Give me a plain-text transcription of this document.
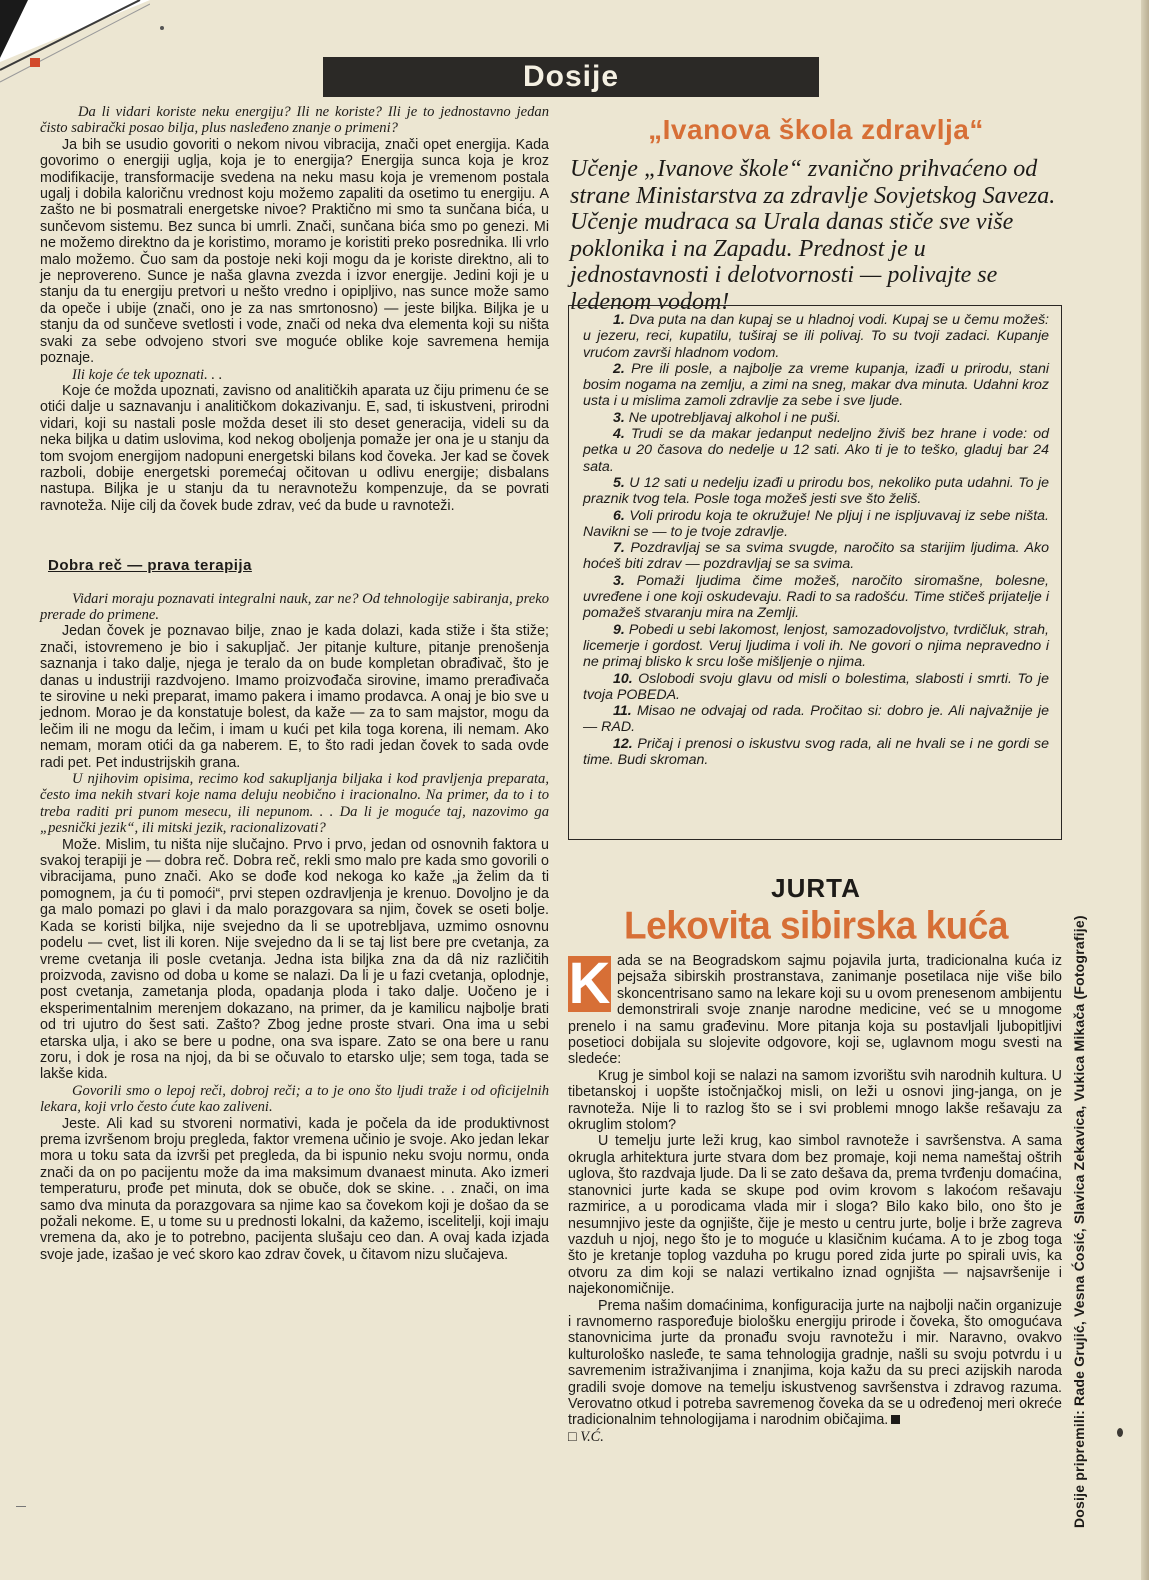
Dosije

Da li vidari koriste neku energiju? Ili ne koriste? Ili je to jednostavno jedan čisto sabirački posao bilja, plus nasleđeno znanje o primeni?

Ja bih se usudio govoriti o nekom nivou vibracija, znači opet energija. Kada govorimo o energiji uglja, koja je to energija? Energija sunca koja je kroz modifikacije, transformacije svedena na neku masu koja je vremenom postala ugalj i dobila kaloričnu vrednost koju možemo zapaliti da osetimo tu energiju. A zašto ne bi posmatrali energetske nivoe? Praktično mi smo ta sunčana bića, u sunčevom sistemu. Bez sunca bi umrli. Znači, sunčana bića smo po genezi. Mi ne možemo direktno da je koristimo, moramo je koristiti preko posrednika. Ili vrlo malo možemo. Čuo sam da postoje neki koji mogu da je koriste direktno, ali to je neprovereno. Sunce je naša glavna zvezda i izvor energije. Jedini koji je u stanju da tu energiju pretvori u nešto vredno i opipljivo, nas sunce može samo da opeče i ubije (znači, ono je za nas smrtonosno) — jeste biljka. Biljka je u stanju da od sunčeve svetlosti i vode, znači od neka dva elementa koji su ništa svaki za sebe odvojeno stvori sve moguće oblike koje savremena hemija poznaje.

Ili koje će tek upoznati. . .

Koje će možda upoznati, zavisno od analitičkih aparata uz čiju primenu će se otići dalje u saznavanju i analitičkom dokazivanju. E, sad, ti iskustveni, prirodni vidari, koji su nastali posle možda deset ili sto deset generacija, videli su da neka biljka u datim uslovima, kod nekog oboljenja pomaže jer ona je u stanju da tom svojom energijom nadopuni energetski bilans kod čoveka. Jer kad se čovek razboli, dobije energetski poremećaj očitovan u odlivu energije; disbalans nastupa. Biljka je u stanju da tu neravnotežu kompenzuje, da se povrati ravnoteža. Nije cilj da čovek bude zdrav, već da bude u ravnoteži.

Dobra reč — prava terapija

Vidari moraju poznavati integralni nauk, zar ne? Od tehnologije sabiranja, preko prerade do primene.

Jedan čovek je poznavao bilje, znao je kada dolazi, kada stiže i šta stiže; znači, istovremeno je bio i sakupljač. Jer pitanje kulture, pitanje prenošenja saznanja i tako dalje, njega je teralo da on bude kompletan obrađivač, što je danas u industriji razdvojeno. Imamo proizvođača sirovine, imamo prerađivača te sirovine u neki preparat, imamo pakera i imamo prodavca. A onaj je bio sve u jednom. Morao je da konstatuje bolest, da kaže — za to sam majstor, mogu da lečim ili ne mogu da lečim, i imam u kući pet kila toga korena, ili nemam. Ako nemam, moram otići da ga naberem. E, to što radi jedan čovek to sada ovde radi pet. Pet industrijskih grana.

U njihovim opisima, recimo kod sakupljanja biljaka i kod pravljenja preparata, često ima nekih stvari koje nama deluju neobično i iracionalno. Na primer, da to i to treba raditi pri punom mesecu, ili nepunom. . . Da li je moguće taj, nazovimo ga „pesnički jezik“, ili mitski jezik, racionalizovati?

Može. Mislim, tu ništa nije slučajno. Prvo i prvo, jedan od osnovnih faktora u svakoj terapiji je — dobra reč. Dobra reč, rekli smo malo pre kada smo govorili o vibracijama, puno znači. Ako se dođe kod nekoga ko kaže „ja želim da ti pomognem, ja ću ti pomoći“, prvi stepen ozdravljenja je krenuo. Dovoljno je da ga malo pomazi po glavi i da malo porazgovara sa njim, čovek se oseti bolje. Kada se koristi biljka, nije svejedno da li se upotrebljava, uzmimo osnovnu podelu — cvet, list ili koren. Nije svejedno da li se taj list bere pre cvetanja, za vreme cvetanja ili posle cvetanja. Jedna ista biljka zna da dâ niz različitih proizvoda, zavisno od doba u kome se nalazi. Da li je u fazi cvetanja, oplodnje, post cvetanja, zametanja ploda, opadanja ploda i tako dalje. Uočeno je i eksperimentalnim merenjem dokazano, na primer, da je kamilicu najbolje brati od tri ujutro do šest sati. Zašto? Zbog jedne proste stvari. Ona ima u sebi etarska ulja, i ako se bere u podne, ona sva ispare. Zato se ona bere u ranu zoru, i dok je rosa na njoj, da bi se očuvalo to etarsko ulje; sem toga, tada se lakše kida.

Govorili smo o lepoj reči, dobroj reči; a to je ono što ljudi traže i od oficijelnih lekara, koji vrlo često ćute kao zaliveni.

Jeste. Ali kad su stvoreni normativi, kada je počela da ide produktivnost prema izvršenom broju pregleda, faktor vremena učinio je svoje. Ako jedan lekar mora u toku sata da izvrši pet pregleda, da bi ispunio neku svoju normu, onda znači da on po pacijentu može da ima maksimum dvanaest minuta. Ako izmeri temperaturu, prođe pet minuta, dok se obuče, dok se skine. . . znači, on ima samo dva minuta da porazgovara sa njime kao sa čovekom koji je došao da se požali nekome. E, u tome su u prednosti lokalni, da kažemo, iscelitelji, koji imaju vremena da, ako je to potrebno, pacijenta slušaju ceo dan. A ovaj kada izjada svoje jade, izašao je već skoro kao zdrav čovek, u čitavom nizu slučajeva.

„Ivanova škola zdravlja“
Učenje „Ivanove škole“ zvanično prihvaćeno od strane Ministarstva za zdravlje Sovjetskog Saveza. Učenje mudraca sa Urala danas stiče sve više poklonika i na Zapadu. Prednost je u jednostavnosti i delotvornosti — polivajte se ledenom vodom!

1. Dva puta na dan kupaj se u hladnoj vodi. Kupaj se u čemu možeš: u jezeru, reci, kupatilu, tuširaj se ili polivaj. To su tvoji zadaci. Kupanje vrućom završi hladnom vodom.

2. Pre ili posle, a najbolje za vreme kupanja, izađi u prirodu, stani bosim nogama na zemlju, a zimi na sneg, makar dva minuta. Udahni kroz usta i u mislima zamoli zdravlje za sebe i sve ljude.

3. Ne upotrebljavaj alkohol i ne puši.

4. Trudi se da makar jedanput nedeljno živiš bez hrane i vode: od petka u 20 časova do nedelje u 12 sati. Ako ti je to teško, gladuj bar 24 sata.

5. U 12 sati u nedelju izađi u prirodu bos, nekoliko puta udahni. To je praznik tvog tela. Posle toga možeš jesti sve što želiš.

6. Voli prirodu koja te okružuje! Ne pljuj i ne ispljuvavaj iz sebe ništa. Navikni se — to je tvoje zdravlje.

7. Pozdravljaj se sa svima svugde, naročito sa starijim ljudima. Ako hoćeš biti zdrav — pozdravljaj se sa svima.

3. Pomaži ljudima čime možeš, naročito siromašne, bolesne, uvređene i one koji oskudevaju. Radi to sa radošću. Time stičeš prijatelje i pomažeš stvaranju mira na Zemlji.

9. Pobedi u sebi lakomost, lenjost, samozadovoljstvo, tvrdičluk, strah, licemerje i gordost. Veruj ljudima i voli ih. Ne govori o njima nepravedno i ne primaj blisko k srcu loše mišljenje o njima.

10. Oslobodi svoju glavu od misli o bolestima, slabosti i smrti. To je tvoja POBEDA.

11. Misao ne odvajaj od rada. Pročitao si: dobro je. Ali najvažnije je — RAD.

12. Pričaj i prenosi o iskustvu svog rada, ali ne hvali se i ne gordi se time. Budi skroman.

JURTA
Lekovita sibirska kuća

K ada se na Beogradskom sajmu pojavila jurta, tradicionalna kuća iz pejsaža sibirskih prostranstava, zanimanje posetilaca nije više bilo skoncentrisano samo na lekare koji su u ovom prenesenom ambijentu demonstrirali svoje znanje narodne medicine, već se u mnogome prenelo i na samu građevinu. More pitanja koja su postavljali ljubopitljivi posetioci dobijala su slojevite odgovore, koji se, uglavnom mogu svesti na sledeće:

Krug je simbol koji se nalazi na samom izvorištu svih narodnih kultura. U tibetanskoj i uopšte istočnjačkoj misli, on leži u osnovi jing-janga, on je ravnoteža. Nije li to razlog što se i svi problemi mnogo lakše rešavaju za okruglim stolom?

U temelju jurte leži krug, kao simbol ravnoteže i savršenstva. A sama okrugla arhitektura jurte stvara dom bez promaje, koji nema nameštaj oštrih uglova, što razdvaja ljude. Da li se zato dešava da, prema tvrđenju domaćina, stanovnici jurte kada se skupe pod ovim krovom s lakoćom rešavaju razmirice, a u porodicama vlada mir i sloga? Bilo kako bilo, ono što je nesumnjivo jeste da ognjište, čije je mesto u centru jurte, bolje i brže zagreva vazduh u njoj, nego što je to moguće u klasičnim kućama. A to je zbog toga što je kretanje toplog vazduha po krugu pored zida jurte po spirali uvis, ka otvoru za dim koji se nalazi vertikalno iznad ognjišta — najsavršenije i najekonomičnije.

Prema našim domaćinima, konfiguracija jurte na najbolji način organizuje i ravnomerno raspoređuje biološku energiju prirode i čoveka, što omogućava stanovnicima jurte da pronađu svoju ravnotežu i mir. Naravno, ovakvo kulturološko nasleđe, te sama tehnologija gradnje, našli su svoju potvrdu i u savremenim istraživanjima i znanjima, koja kažu da su preci azijskih naroda gradili svoje domove na temelju iskustvenog savršenstva i zdravog razuma. Verovatno otkud i potreba savremenog čoveka da se u određenoj meri okreće tradicionalnim tehnologijama i narodnim običajima.

□ V.Ć.	Dosije pripremili: Rade Grujić, Vesna Ćosić, Slavica Zekavica, Vukica Mikača (Fotografije)
